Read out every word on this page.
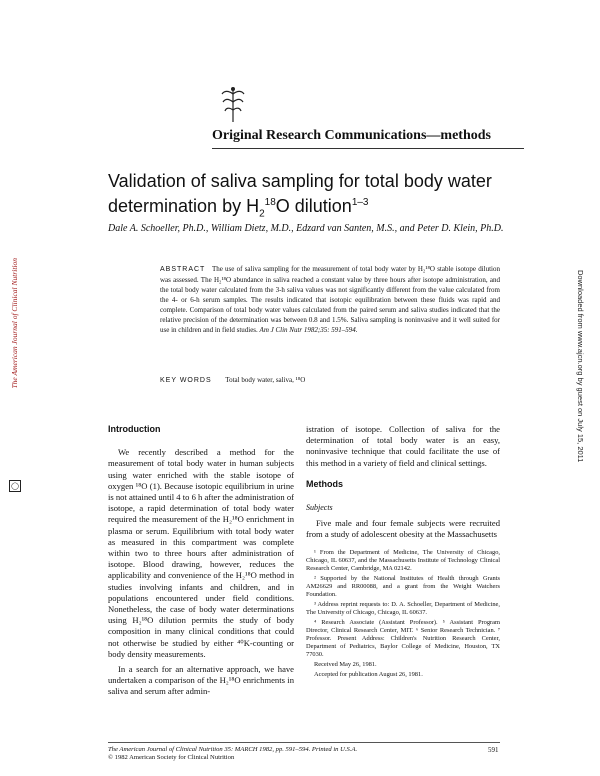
Original Research Communications—methods
Validation of saliva sampling for total body water determination by $H_2^{18}O$ dilution$^{1-3}$
Dale A. Schoeller, Ph.D., William Dietz, M.D., Edzard van Santen, M.S., and Peter D. Klein, Ph.D.
ABSTRACT The use of saliva sampling for the measurement of total body water by H₂¹⁸O stable isotope dilution was assessed. The H₂¹⁸O abundance in saliva reached a constant value by three hours after isotope administration, and the total body water calculated from the 3-h saliva values was not significantly different from the value calculated from the 4- or 6-h serum samples. The results indicated that isotopic equilibration between these fluids was rapid and complete. Comparison of total body water values calculated from the paired serum and saliva studies indicated that the relative precision of the determination was between 0.8 and 1.5%. Saliva sampling is noninvasive and it well suited for use in children and in field studies. Am J Clin Nutr 1982;35: 591–594.
KEY WORDS Total body water, saliva, ¹⁸O
Introduction

We recently described a method for the measurement of total body water in human subjects using water enriched with the stable isotope of oxygen ¹⁸O (1). Because isotopic equilibrium in urine is not attained until 4 to 6 h after the administration of isotope, a rapid determination of total body water required the measurement of the H₂¹⁸O enrichment in plasma or serum. Equilibrium with total body water as measured in this compartment was complete within two to three hours after administration of isotope. Blood drawing, however, reduces the applicability and convenience of the H₂¹⁸O method in studies involving infants and children, and in populations encountered under field conditions. Nonetheless, the case of body water determinations using H₂¹⁸O dilution permits the study of body composition in many clinical conditions that could not otherwise be studied by either ⁴⁰K-counting or body density measurements.

In a search for an alternative approach, we have undertaken a comparison of the H₂¹⁸O enrichments in saliva and serum after admin-

istration of isotope. Collection of saliva for the determination of total body water is an easy, noninvasive technique that could facilitate the use of this method in a variety of field and clinical settings.

Methods
Subjects

Five male and four female subjects were recruited from a study of adolescent obesity at the Massachusetts

¹ From the Department of Medicine, The University of Chicago, Chicago, IL 60637, and the Massachusetts Institute of Technology Clinical Research Center, Cambridge, MA 02142.

² Supported by the National Institutes of Health through Grants AM26629 and RR00088, and a grant from the Weight Watchers Foundation.

³ Address reprint requests to: D. A. Schoeller, Department of Medicine, The University of Chicago, Chicago, IL 60637.

⁴ Research Associate (Assistant Professor). ⁵ Assistant Program Director, Clinical Research Center, MIT. ⁶ Senior Research Technician. ⁷ Professor. Present Address: Children's Nutrition Research Center, Department of Pediatrics, Baylor College of Medicine, Houston, TX 77030.

Received May 26, 1981.

Accepted for publication August 26, 1981.

The American Journal of Clinical Nutrition 35: MARCH 1982, pp. 591–594. Printed in U.S.A.
© 1982 American Society for Clinical Nutrition
591
The American Journal of Clinical Nutrition
◯
Downloaded from www.ajcn.org by guest on July 15, 2011
